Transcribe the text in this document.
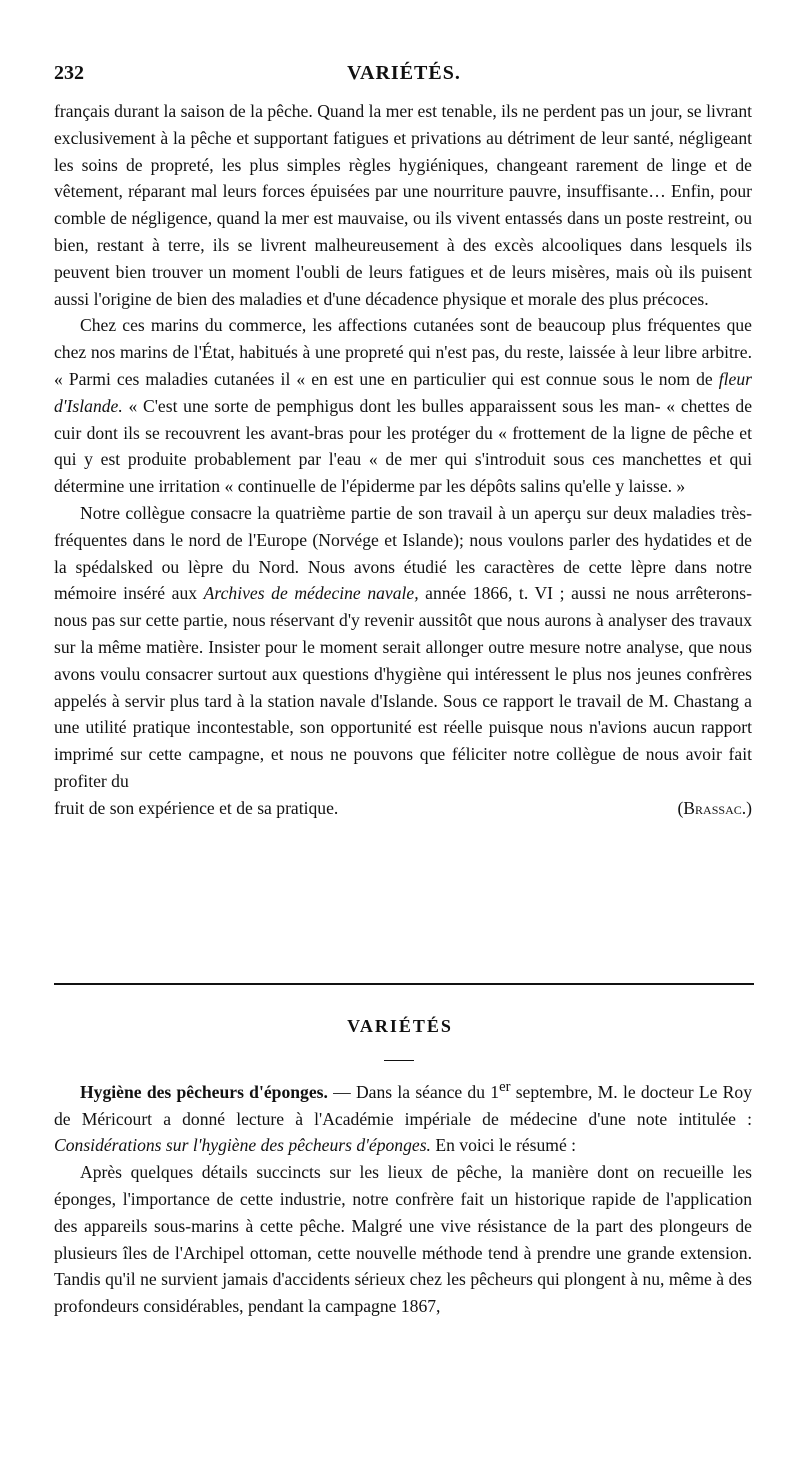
232	VARIÉTÉS.

français durant la saison de la pêche. Quand la mer est tenable, ils ne perdent pas un jour, se livrant exclusivement à la pêche et supportant fatigues et privations au détriment de leur santé, négligeant les soins de propreté, les plus simples règles hygiéniques, changeant rarement de linge et de vêtement, réparant mal leurs forces épuisées par une nourriture pauvre, insuffisante… Enfin, pour comble de négligence, quand la mer est mauvaise, ou ils vivent entassés dans un poste restreint, ou bien, restant à terre, ils se livrent malheureusement à des excès alcooliques dans lesquels ils peuvent bien trouver un moment l'oubli de leurs fatigues et de leurs misères, mais où ils puisent aussi l'origine de bien des maladies et d'une décadence physique et morale des plus précoces.

Chez ces marins du commerce, les affections cutanées sont de beaucoup plus fréquentes que chez nos marins de l'État, habitués à une propreté qui n'est pas, du reste, laissée à leur libre arbitre. « Parmi ces maladies cutanées il « en est une en particulier qui est connue sous le nom de fleur d'Islande. « C'est une sorte de pemphigus dont les bulles apparaissent sous les man- « chettes de cuir dont ils se recouvrent les avant-bras pour les protéger du « frottement de la ligne de pêche et qui y est produite probablement par l'eau « de mer qui s'introduit sous ces manchettes et qui détermine une irritation « continuelle de l'épiderme par les dépôts salins qu'elle y laisse. »

Notre collègue consacre la quatrième partie de son travail à un aperçu sur deux maladies très-fréquentes dans le nord de l'Europe (Norvége et Islande); nous voulons parler des hydatides et de la spédalsked ou lèpre du Nord. Nous avons étudié les caractères de cette lèpre dans notre mémoire inséré aux Archives de médecine navale, année 1866, t. VI ; aussi ne nous arrêterons-nous pas sur cette partie, nous réservant d'y revenir aussitôt que nous aurons à analyser des travaux sur la même matière. Insister pour le moment serait allonger outre mesure notre analyse, que nous avons voulu consacrer surtout aux questions d'hygiène qui intéressent le plus nos jeunes confrères appelés à servir plus tard à la station navale d'Islande. Sous ce rapport le travail de M. Chastang a une utilité pratique incontestable, son opportunité est réelle puisque nous n'avions aucun rapport imprimé sur cette campagne, et nous ne pouvons que féliciter notre collègue de nous avoir fait profiter du

fruit de son expérience et de sa pratique.	(Brassac.)
VARIÉTÉS

Hygiène des pêcheurs d'éponges. — Dans la séance du 1er septembre, M. le docteur Le Roy de Méricourt a donné lecture à l'Académie impériale de médecine d'une note intitulée : Considérations sur l'hygiène des pêcheurs d'éponges. En voici le résumé :

Après quelques détails succincts sur les lieux de pêche, la manière dont on recueille les éponges, l'importance de cette industrie, notre confrère fait un historique rapide de l'application des appareils sous-marins à cette pêche. Malgré une vive résistance de la part des plongeurs de plusieurs îles de l'Archipel ottoman, cette nouvelle méthode tend à prendre une grande extension. Tandis qu'il ne survient jamais d'accidents sérieux chez les pêcheurs qui plongent à nu, même à des profondeurs considérables, pendant la campagne 1867,
